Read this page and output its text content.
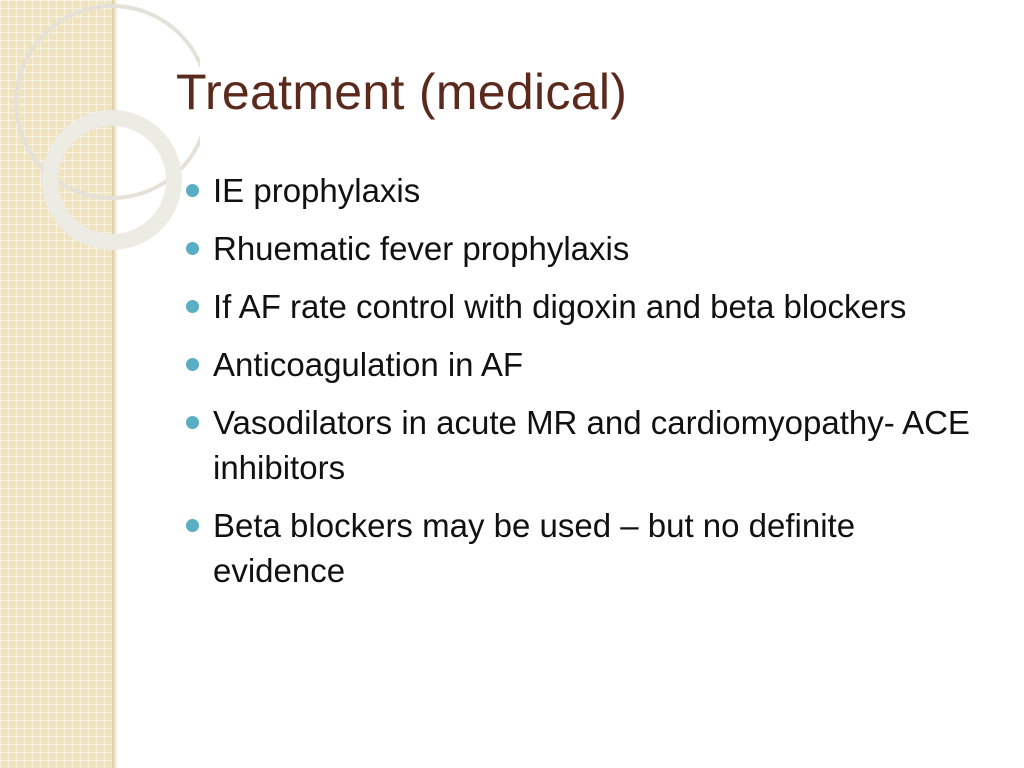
Treatment (medical)
IE prophylaxis
Rhuematic fever prophylaxis
If AF rate control with digoxin and beta blockers
Anticoagulation in AF
Vasodilators in acute MR and cardiomyopathy- ACE inhibitors
Beta blockers may be used – but no definite evidence
